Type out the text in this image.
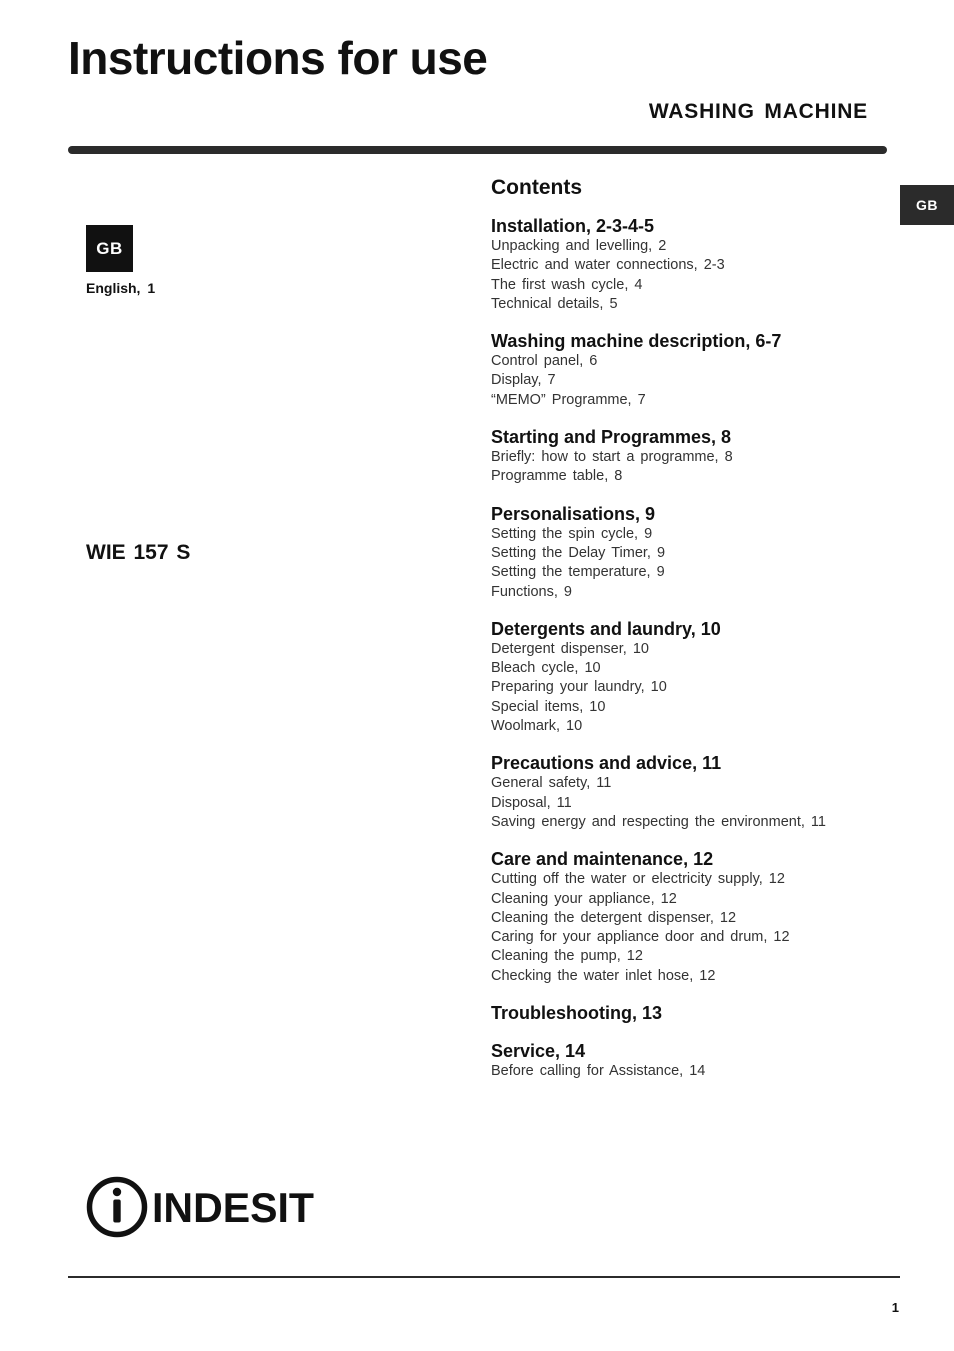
Instructions for use
WASHING MACHINE
GB
GB
English, 1
WIE 157 S
Contents
Installation, 2-3-4-5
Unpacking and levelling, 2
Electric and water connections, 2-3
The first wash cycle, 4
Technical details, 5
Washing machine description, 6-7
Control panel, 6
Display, 7
“MEMO” Programme, 7
Starting and Programmes, 8
Briefly: how to start a programme, 8
Programme table, 8
Personalisations, 9
Setting the spin cycle, 9
Setting the Delay Timer, 9
Setting the temperature, 9
Functions, 9
Detergents and laundry, 10
Detergent dispenser, 10
Bleach cycle, 10
Preparing your laundry, 10
Special items, 10
Woolmark, 10
Precautions and advice, 11
General safety, 11
Disposal, 11
Saving energy and respecting the environment, 11
Care and maintenance, 12
Cutting off the water or electricity supply, 12
Cleaning your appliance, 12
Cleaning the detergent dispenser, 12
Caring for your appliance door and drum, 12
Cleaning the pump, 12
Checking the water inlet hose, 12
Troubleshooting, 13
Service, 14
Before calling for Assistance, 14
INDESIT
1
